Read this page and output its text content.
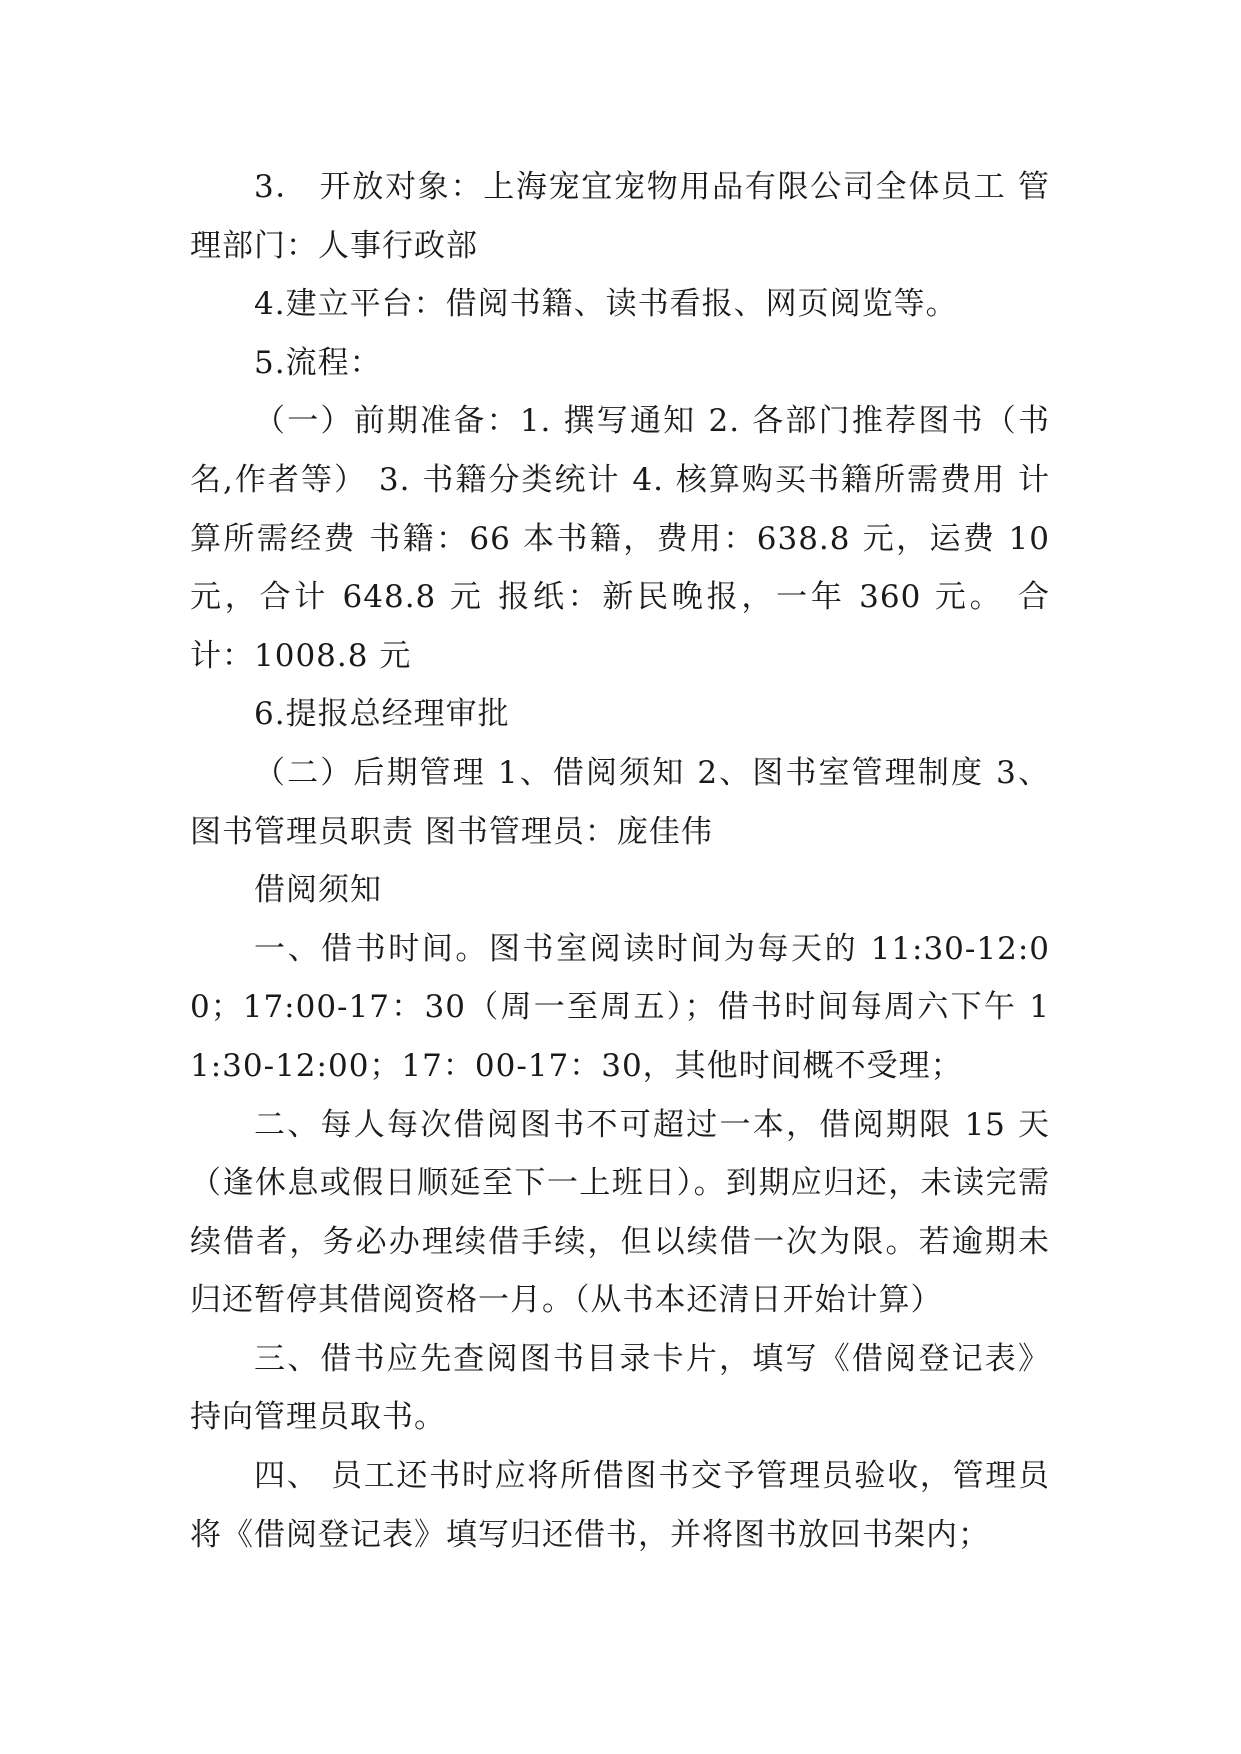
3． 开放对象：上海宠宜宠物用品有限公司全体员工 管理部门：人事行政部

4.建立平台：借阅书籍、读书看报、网页阅览等。

5.流程：

（一）前期准备：1. 撰写通知 2. 各部门推荐图书（书名,作者等） 3. 书籍分类统计 4. 核算购买书籍所需费用 计算所需经费 书籍：66 本书籍，费用：638.8 元，运费 10 元，合计 648.8 元 报纸：新民晚报，一年 360 元。 合计：1008.8 元

6.提报总经理审批

（二）后期管理 1、借阅须知 2、图书室管理制度 3、图书管理员职责 图书管理员：庞佳伟

借阅须知

一、借书时间。图书室阅读时间为每天的 11:30-12:00；17:00-17：30（周一至周五）；借书时间每周六下午 11:30-12:00；17：00-17：30，其他时间概不受理；

二、每人每次借阅图书不可超过一本，借阅期限 15 天（逢休息或假日顺延至下一上班日）。到期应归还，未读完需续借者，务必办理续借手续，但以续借一次为限。若逾期未归还暂停其借阅资格一月。（从书本还清日开始计算）

三、借书应先查阅图书目录卡片，填写《借阅登记表》持向管理员取书。

四、 员工还书时应将所借图书交予管理员验收，管理员将《借阅登记表》填写归还借书，并将图书放回书架内；
